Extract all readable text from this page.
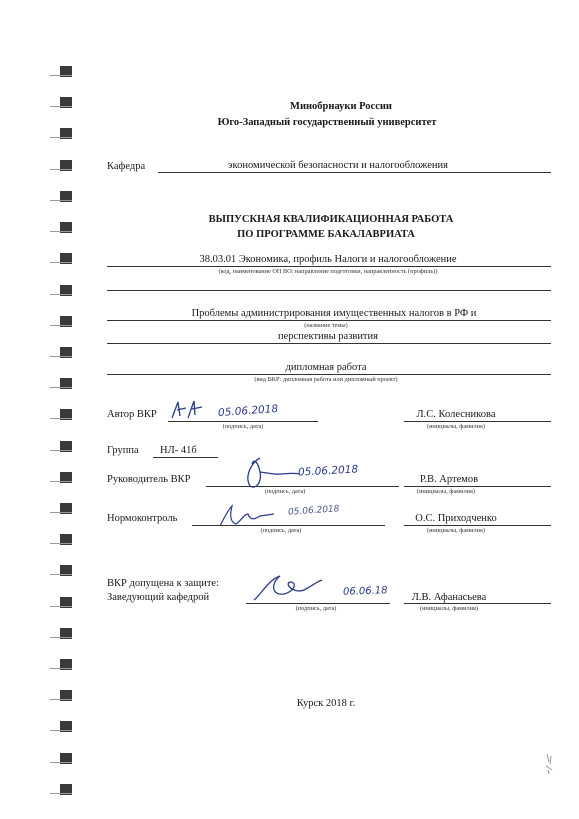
Минобрнауки России
Юго-Западный государственный университет
Кафедра	экономической безопасности и налогообложения
ВЫПУСКНАЯ КВАЛИФИКАЦИОННАЯ РАБОТА
ПО ПРОГРАММЕ БАКАЛАВРИАТА
38.03.01 Экономика, профиль Налоги и налогообложение
(код, наименование ОП ВО: направление подготовки, направленность (профиль))
Проблемы администрирования имущественных налогов в РФ и
(название темы)
перспективы развития
дипломная работа
(вид ВКР: дипломная работа или дипломный проект)
Автор ВКР	05.06.2018
(подпись, дата)
Л.С. Колесникова
(инициалы, фамилия)
Группа НЛ- 41б
Руководитель ВКР
05.06.2018
(подпись, дата)
Р.В. Артемов
(инициалы, фамилия)
Нормоконтроль
05.06.2018
(подпись, дата)
О.С. Приходченко
(инициалы, фамилия)
ВКР допущена к защите:
Заведующий кафедрой	06.06.18
(подпись, дата)
Л.В. Афанасьева
(инициалы, фамилия)
Курск 2018 г.
